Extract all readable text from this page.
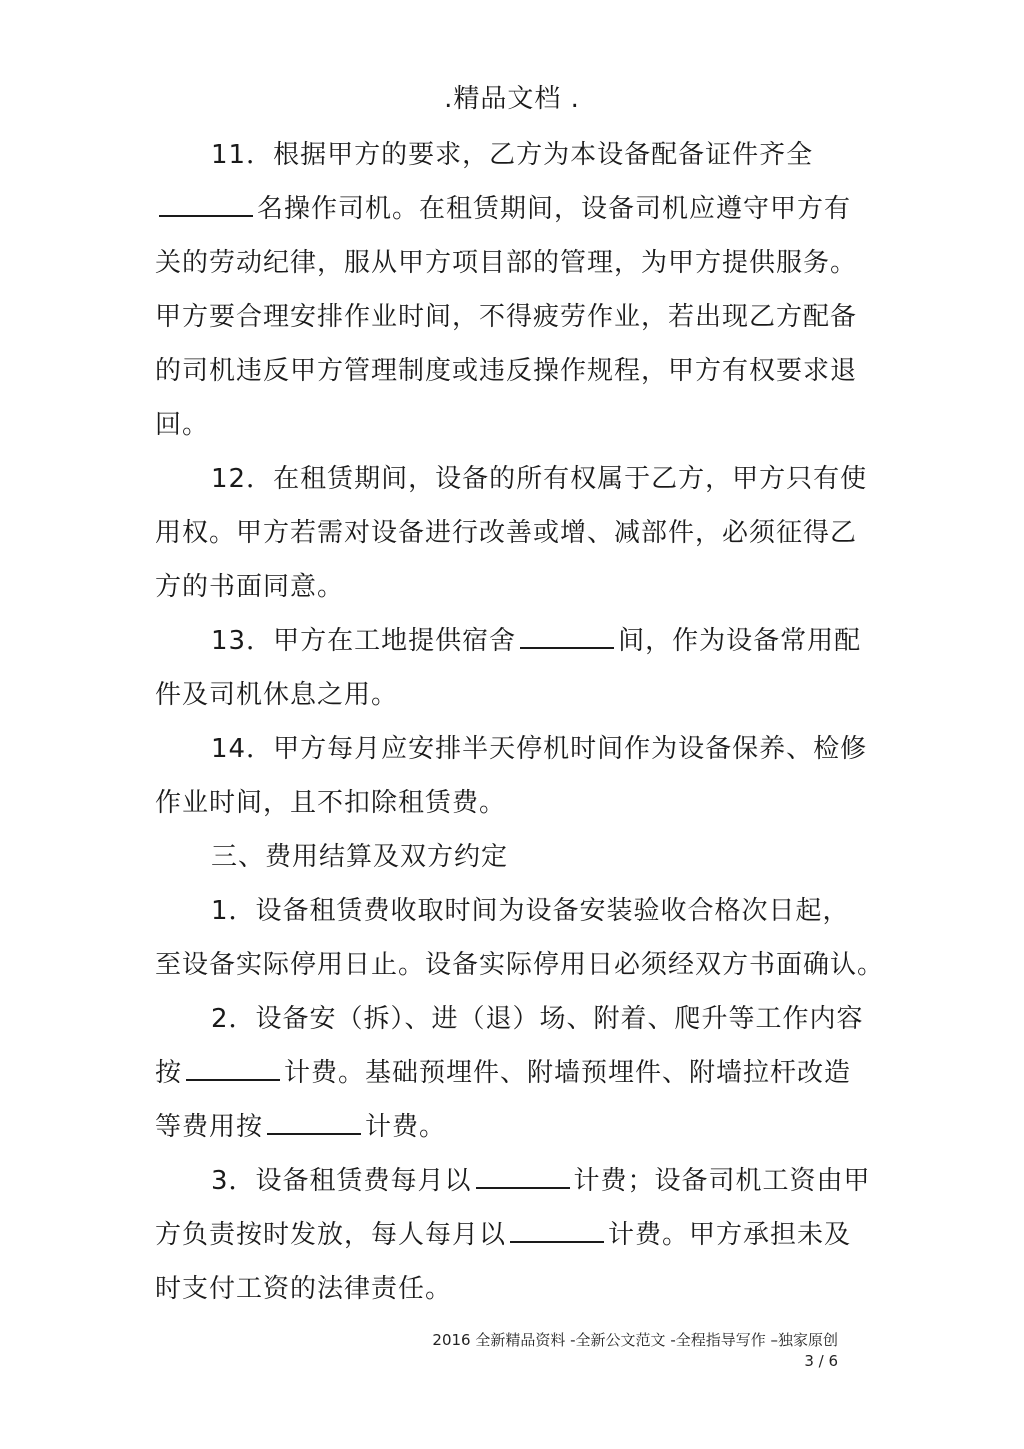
.精品文档 .
11．根据甲方的要求，乙方为本设备配备证件齐全
名操作司机。在租赁期间，设备司机应遵守甲方有
关的劳动纪律，服从甲方项目部的管理，为甲方提供服务。
甲方要合理安排作业时间，不得疲劳作业，若出现乙方配备
的司机违反甲方管理制度或违反操作规程，甲方有权要求退
回。
12．在租赁期间，设备的所有权属于乙方，甲方只有使
用权。甲方若需对设备进行改善或增、减部件，必须征得乙
方的书面同意。
13．甲方在工地提供宿舍	间，作为设备常用配
件及司机休息之用。
14．甲方每月应安排半天停机时间作为设备保养、检修
作业时间，且不扣除租赁费。
三、费用结算及双方约定
1．设备租赁费收取时间为设备安装验收合格次日起，
至设备实际停用日止。设备实际停用日必须经双方书面确认。
2．设备安（拆）、进（退）场、附着、爬升等工作内容
按	计费。基础预埋件、附墙预埋件、附墙拉杆改造
等费用按	计费。
3．设备租赁费每月以	计费；设备司机工资由甲
方负责按时发放，每人每月以	计费。甲方承担未及
时支付工资的法律责任。
2016 全新精品资料 -全新公文范文 -全程指导写作 –独家原创
3 / 6
